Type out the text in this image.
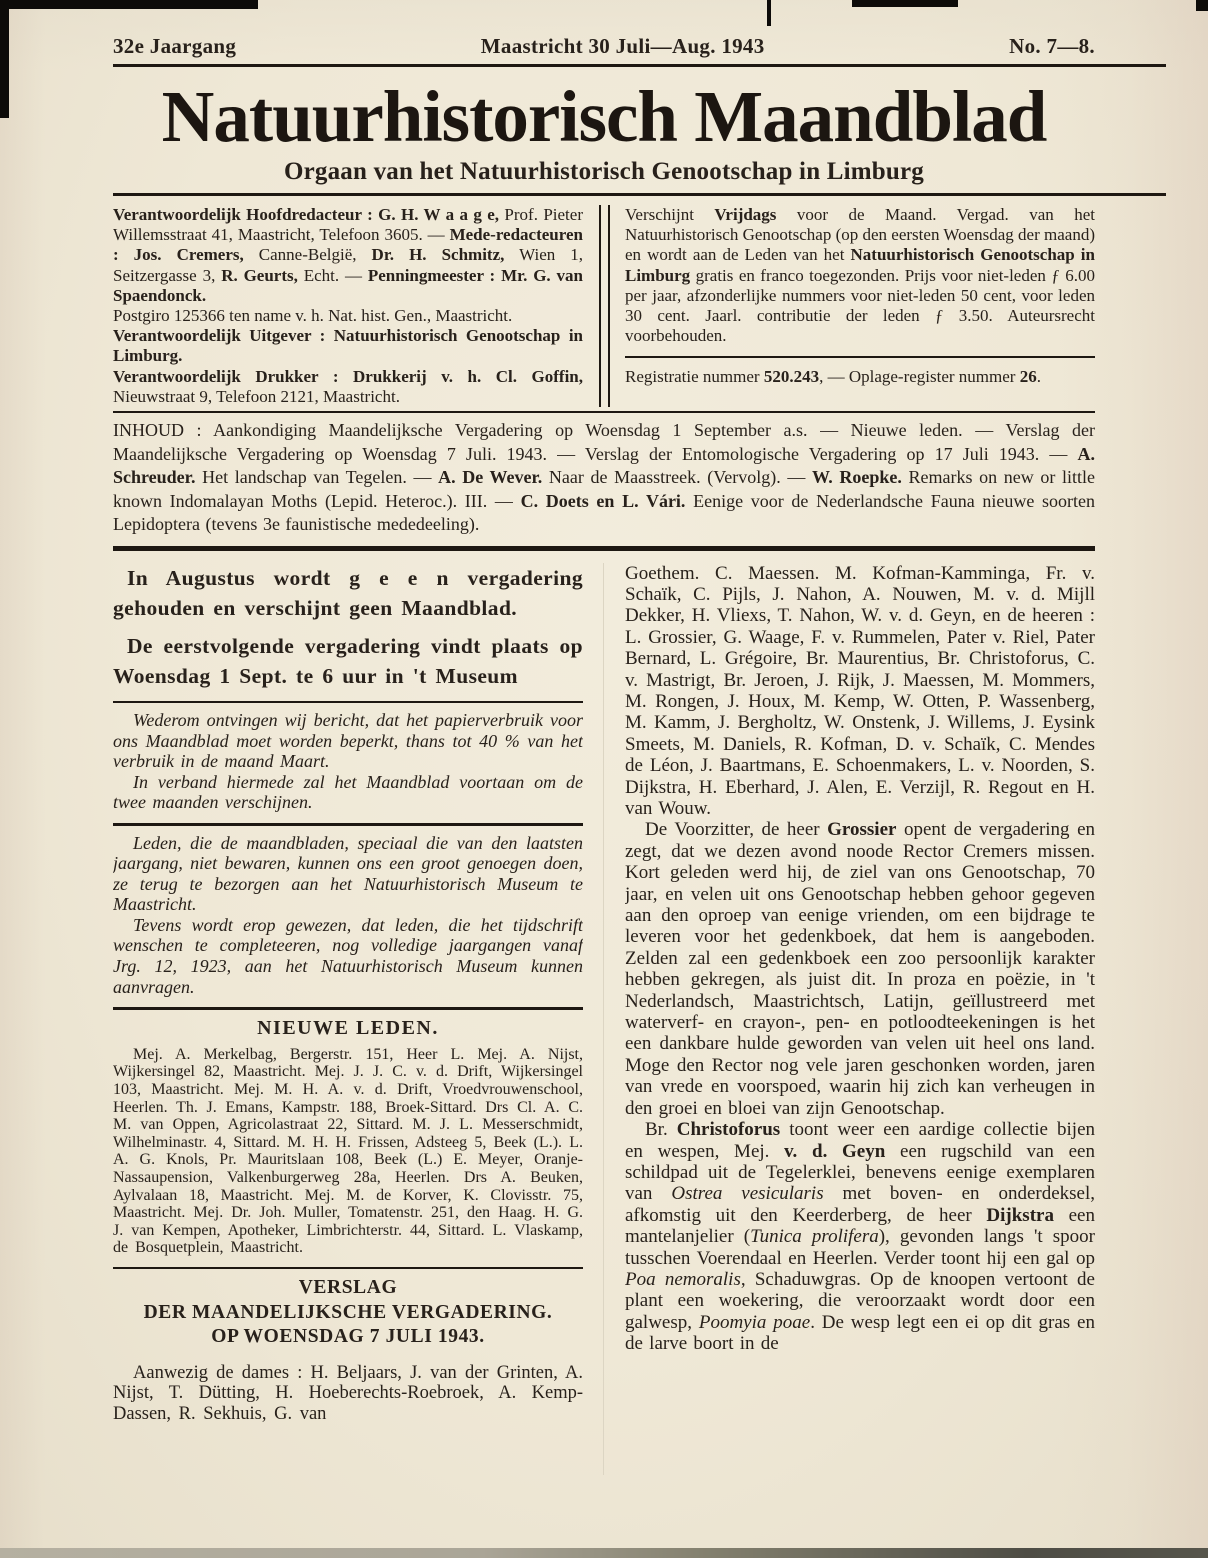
32e Jaargang	Maastricht 30 Juli—Aug. 1943	No. 7—8.
Natuurhistorisch Maandblad
Orgaan van het Natuurhistorisch Genootschap in Limburg

Verantwoordelijk Hoofdredacteur : G. H. W a a g e, Prof. Pieter Willemsstraat 41, Maastricht, Telefoon 3605. — Mede-redacteuren : Jos. Cremers, Canne-België, Dr. H. Schmitz, Wien 1, Seitzergasse 3, R. Geurts, Echt. — Penningmeester : Mr. G. van Spaendonck.

Postgiro 125366 ten name v. h. Nat. hist. Gen., Maastricht.

Verantwoordelijk Uitgever : Natuurhistorisch Genootschap in Limburg.

Verantwoordelijk Drukker : Drukkerij v. h. Cl. Goffin, Nieuwstraat 9, Telefoon 2121, Maastricht.

Verschijnt Vrijdags voor de Maand. Vergad. van het Natuurhistorisch Genootschap (op den eersten Woensdag der maand) en wordt aan de Leden van het Natuurhistorisch Genootschap in Limburg gratis en franco toegezonden. Prijs voor niet-leden ƒ 6.00 per jaar, afzonderlijke nummers voor niet-leden 50 cent, voor leden 30 cent. Jaarl. contributie der leden ƒ 3.50. Auteursrecht voorbehouden.

Registratie nummer 520.243, — Oplage-register nummer 26.

INHOUD : Aankondiging Maandelijksche Vergadering op Woensdag 1 September a.s. — Nieuwe leden. — Verslag der Maandelijksche Vergadering op Woensdag 7 Juli. 1943. — Verslag der Entomologische Vergadering op 17 Juli 1943. — A. Schreuder. Het landschap van Tegelen. — A. De Wever. Naar de Maasstreek. (Vervolg). — W. Roepke. Remarks on new or little known Indomalayan Moths (Lepid. Heteroc.). III. — C. Doets en L. Vári. Eenige voor de Nederlandsche Fauna nieuwe soorten Lepidoptera (tevens 3e faunistische mededeeling).

In Augustus wordt g e e n vergadering gehouden en verschijnt geen Maandblad.
De eerstvolgende vergadering vindt plaats op Woensdag 1 Sept. te 6 uur in 't Museum

Wederom ontvingen wij bericht, dat het papierverbruik voor ons Maandblad moet worden beperkt, thans tot 40 % van het verbruik in de maand Maart.

In verband hiermede zal het Maandblad voortaan om de twee maanden verschijnen.

Leden, die de maandbladen, speciaal die van den laatsten jaargang, niet bewaren, kunnen ons een groot genoegen doen, ze terug te bezorgen aan het Natuurhistorisch Museum te Maastricht.

Tevens wordt erop gewezen, dat leden, die het tijdschrift wenschen te completeeren, nog volledige jaargangen vanaf Jrg. 12, 1923, aan het Natuurhistorisch Museum kunnen aanvragen.

NIEUWE LEDEN.

Mej. A. Merkelbag, Bergerstr. 151, Heer L. Mej. A. Nijst, Wijkersingel 82, Maastricht. Mej. J. J. C. v. d. Drift, Wijkersingel 103, Maastricht. Mej. M. H. A. v. d. Drift, Vroedvrouwenschool, Heerlen. Th. J. Emans, Kampstr. 188, Broek-Sittard. Drs Cl. A. C. M. van Oppen, Agricolastraat 22, Sittard. M. J. L. Messerschmidt, Wilhelminastr. 4, Sittard. M. H. H. Frissen, Adsteeg 5, Beek (L.). L. A. G. Knols, Pr. Mauritslaan 108, Beek (L.) E. Meyer, Oranje-Nassaupension, Valkenburgerweg 28a, Heerlen. Drs A. Beuken, Aylvalaan 18, Maastricht. Mej. M. de Korver, K. Clovisstr. 75, Maastricht. Mej. Dr. Joh. Muller, Tomatenstr. 251, den Haag. H. G. J. van Kempen, Apotheker, Limbrichterstr. 44, Sittard. L. Vlaskamp, de Bosquetplein, Maastricht.

VERSLAG
DER MAANDELIJKSCHE VERGADERING.
OP WOENSDAG 7 JULI 1943.

Aanwezig de dames : H. Beljaars, J. van der Grinten, A. Nijst, T. Dütting, H. Hoeberechts-Roebroek, A. Kemp-Dassen, R. Sekhuis, G. van

Goethem. C. Maessen. M. Kofman-Kamminga, Fr. v. Schaïk, C. Pijls, J. Nahon, A. Nouwen, M. v. d. Mijll Dekker, H. Vliexs, T. Nahon, W. v. d. Geyn, en de heeren : L. Grossier, G. Waage, F. v. Rummelen, Pater v. Riel, Pater Bernard, L. Grégoire, Br. Maurentius, Br. Christoforus, C. v. Mastrigt, Br. Jeroen, J. Rijk, J. Maessen, M. Mommers, M. Rongen, J. Houx, M. Kemp, W. Otten, P. Wassenberg, M. Kamm, J. Bergholtz, W. Onstenk, J. Willems, J. Eysink Smeets, M. Daniels, R. Kofman, D. v. Schaïk, C. Mendes de Léon, J. Baartmans, E. Schoenmakers, L. v. Noorden, S. Dijkstra, H. Eberhard, J. Alen, E. Verzijl, R. Regout en H. van Wouw.

De Voorzitter, de heer Grossier opent de vergadering en zegt, dat we dezen avond noode Rector Cremers missen. Kort geleden werd hij, de ziel van ons Genootschap, 70 jaar, en velen uit ons Genootschap hebben gehoor gegeven aan den oproep van eenige vrienden, om een bijdrage te leveren voor het gedenkboek, dat hem is aangeboden. Zelden zal een gedenkboek een zoo persoonlijk karakter hebben gekregen, als juist dit. In proza en poëzie, in 't Nederlandsch, Maastrichtsch, Latijn, geïllustreerd met waterverf- en crayon-, pen- en potloodteekeningen is het een dankbare hulde geworden van velen uit heel ons land. Moge den Rector nog vele jaren geschonken worden, jaren van vrede en voorspoed, waarin hij zich kan verheugen in den groei en bloei van zijn Genootschap.

Br. Christoforus toont weer een aardige collectie bijen en wespen, Mej. v. d. Geyn een rugschild van een schildpad uit de Tegelerklei, benevens eenige exemplaren van Ostrea vesicularis met boven- en onderdeksel, afkomstig uit den Keerderberg, de heer Dijkstra een mantelanjelier (Tunica prolifera), gevonden langs 't spoor tusschen Voerendaal en Heerlen. Verder toont hij een gal op Poa nemoralis, Schaduwgras. Op de knoopen vertoont de plant een woekering, die veroorzaakt wordt door een galwesp, Poomyia poae. De wesp legt een ei op dit gras en de larve boort in de
